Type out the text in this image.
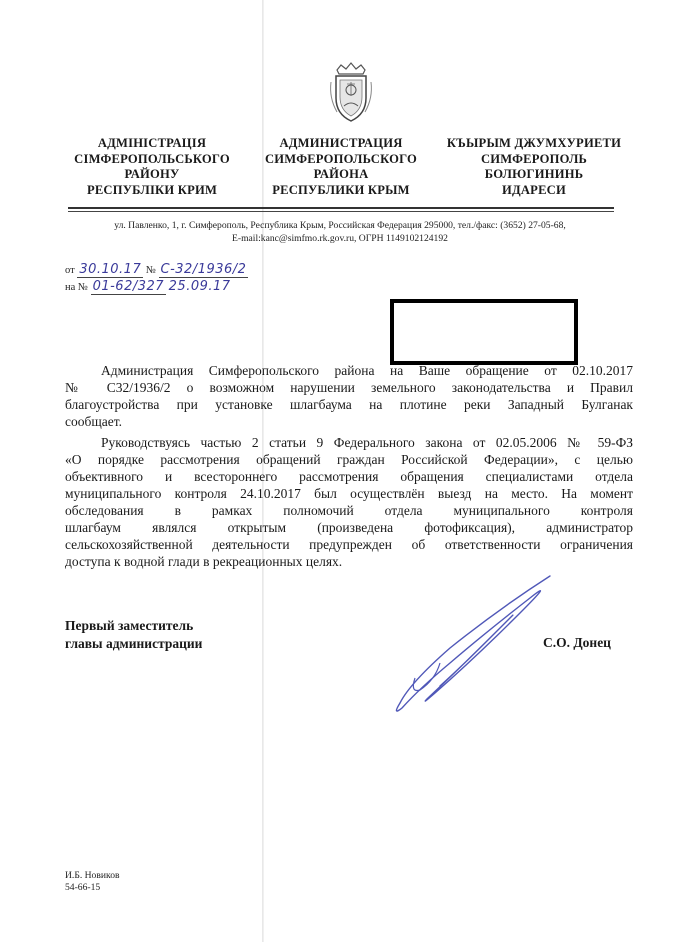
АДМІНІСТРАЦІЯ
СІМФЕРОПОЛЬСЬКОГО
РАЙОНУ
РЕСПУБЛІКИ КРИМ
АДМИНИСТРАЦИЯ
СИМФЕРОПОЛЬСКОГО
РАЙОНА
РЕСПУБЛИКИ КРЫМ
КЪЫРЫМ ДЖУМХУРИЕТИ
СИМФЕРОПОЛЬ
БОЛЮГИНИНЬ
ИДАРЕСИ
ул. Павленко, 1, г. Симферополь, Республика Крым, Российская Федерация 295000, тел./факс: (3652) 27-05-68,
E-mail:kanc@simfmo.rk.gov.ru, ОГРН 1149102124192
от 30.10.17 № С-32/1936/2
на № 01-62/327 25.09.17
Администрация Симферопольского района на Ваше обращение от 02.10.2017
№ С32/1936/2 о возможном нарушении земельного законодательства и Правил
благоустройства при установке шлагбаума на плотине реки Западный Булганак
сообщает.
Руководствуясь частью 2 статьи 9 Федерального закона от 02.05.2006 № 59-ФЗ
«О порядке рассмотрения обращений граждан Российской Федерации», с целью
объективного и всестороннего рассмотрения обращения специалистами отдела
муниципального контроля 24.10.2017 был осуществлён выезд на место. На момент
обследования в рамках полномочий отдела муниципального контроля
шлагбаум являлся открытым (произведена фотофиксация), администратор
сельскохозяйственной деятельности предупрежден об ответственности ограничения
доступа к водной глади в рекреационных целях.
Первый заместитель
главы администрации	С.О. Донец
И.Б. Новиков
54-66-15
